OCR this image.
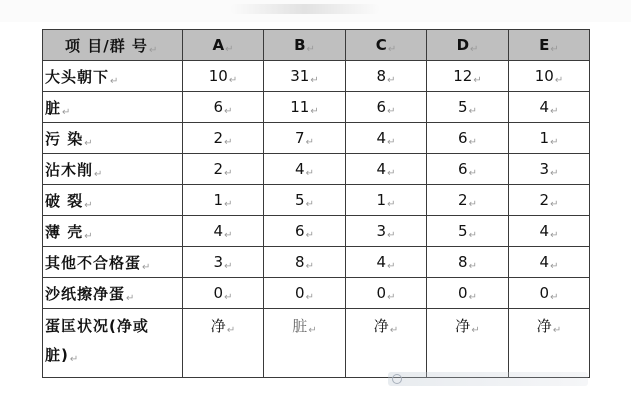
项 目/群 号↵	A↵	B↵	C↵	D↵	E↵
大头朝下↵	10↵	31↵	8↵	12↵	10↵
脏↵	6↵	11↵	6↵	5↵	4↵
污 染↵	2↵	7↵	4↵	6↵	1↵
沾木削↵	2↵	4↵	4↵	6↵	3↵
破 裂↵	1↵	5↵	1↵	2↵	2↵
薄 壳↵	4↵	6↵	3↵	5↵	4↵
其他不合格蛋↵	3↵	8↵	4↵	8↵	4↵
沙纸擦净蛋↵	0↵	0↵	0↵	0↵	0↵
蛋匡状况(净或脏)↵	净↵	脏↵	净↵	净↵	净↵
